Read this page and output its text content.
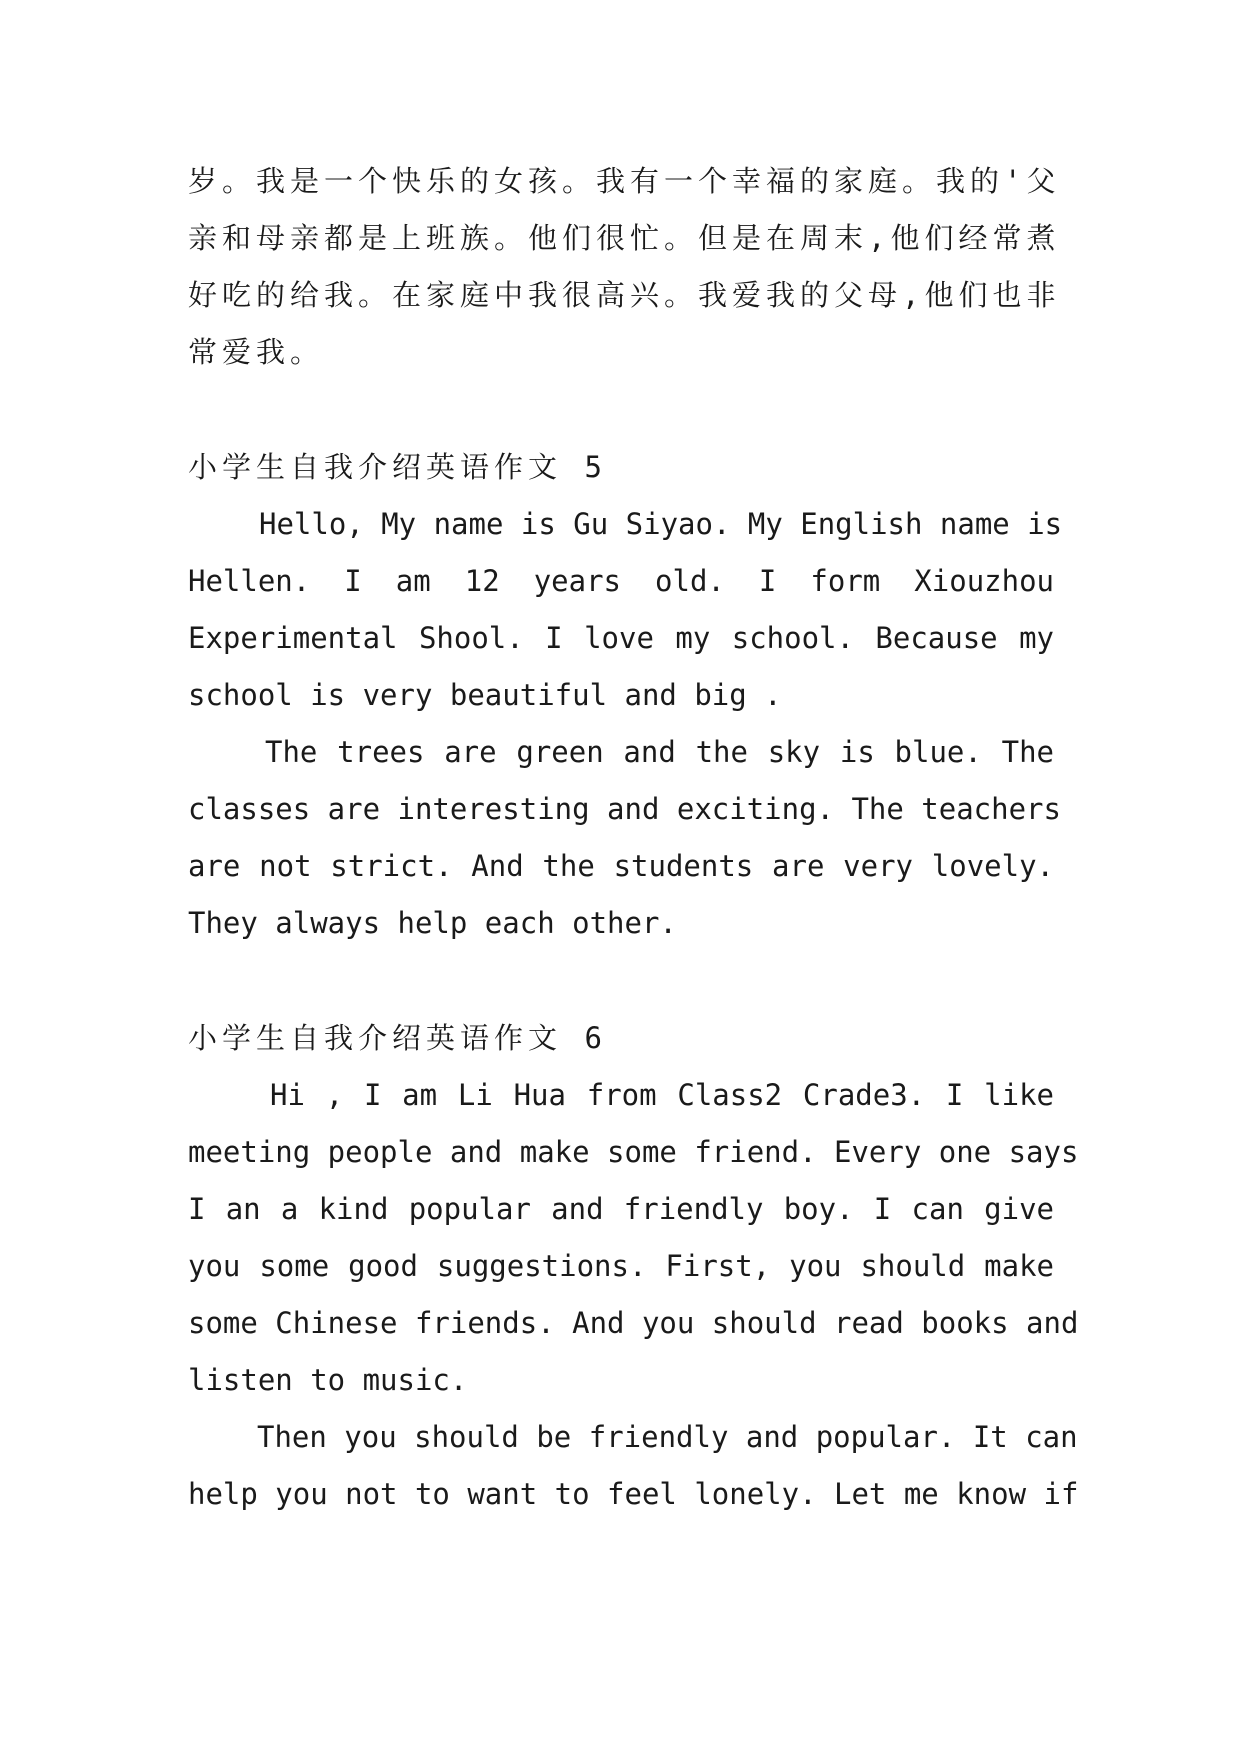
岁。我是一个快乐的女孩。我有一个幸福的家庭。我的'父
亲和母亲都是上班族。他们很忙。但是在周末,他们经常煮
好吃的给我。在家庭中我很高兴。我爱我的父母,他们也非
常爱我。
小学生自我介绍英语作文 5
Hello, My name is Gu Siyao. My English name is
Hellen. I am 12 years old. I form Xiouzhou
Experimental Shool. I love my school. Because my
school is very beautiful and big .
The trees are green and the sky is blue. The
classes are interesting and exciting. The teachers
are not strict. And the students are very lovely.
They always help each other.
小学生自我介绍英语作文 6
Hi , I am Li Hua from Class2 Crade3. I like
meeting people and make some friend. Every one says
I an a kind popular and friendly boy. I can give
you some good suggestions. First, you should make
some Chinese friends. And you should read books and
listen to music.
Then you should be friendly and popular. It can
help you not to want to feel lonely. Let me know if
